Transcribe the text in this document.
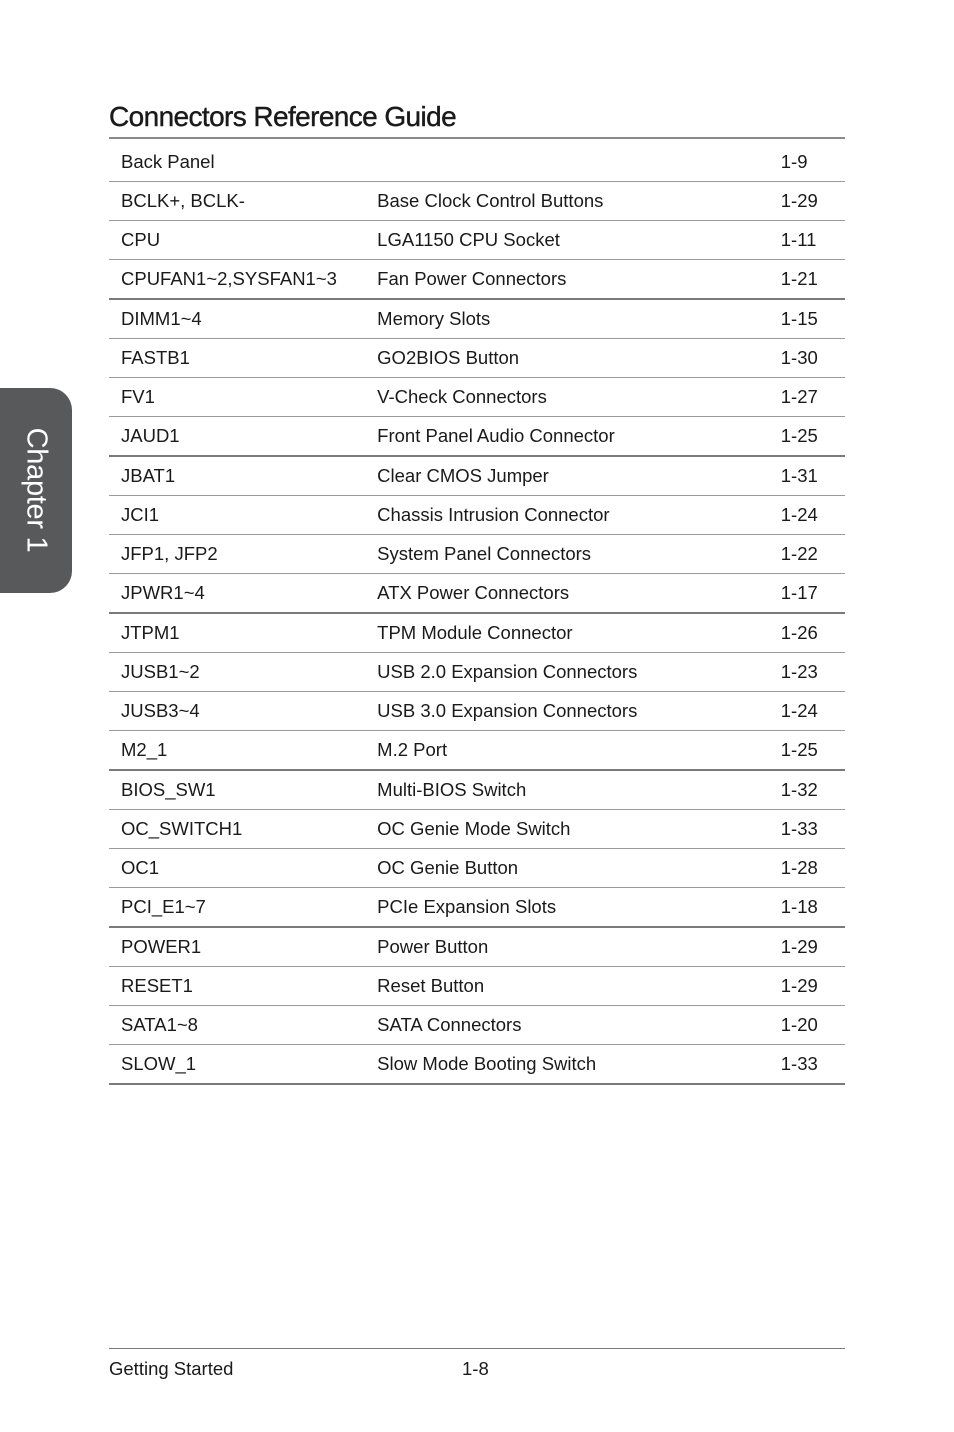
Connectors Reference Guide
Back Panel		1-9
BCLK+, BCLK-	Base Clock Control Buttons	1-29
CPU	LGA1150 CPU Socket	1-11
CPUFAN1~2,SYSFAN1~3	Fan Power Connectors	1-21
DIMM1~4	Memory Slots	1-15
FASTB1	GO2BIOS Button	1-30
FV1	V-Check Connectors	1-27
JAUD1	Front Panel Audio Connector	1-25
JBAT1	Clear CMOS Jumper	1-31
JCI1	Chassis Intrusion Connector	1-24
JFP1, JFP2	System Panel Connectors	1-22
JPWR1~4	ATX Power Connectors	1-17
JTPM1	TPM Module Connector	1-26
JUSB1~2	USB 2.0 Expansion Connectors	1-23
JUSB3~4	USB 3.0 Expansion Connectors	1-24
M2_1	M.2 Port	1-25
BIOS_SW1	Multi-BIOS Switch	1-32
OC_SWITCH1	OC Genie Mode Switch	1-33
OC1	OC Genie Button	1-28
PCI_E1~7	PCIe Expansion Slots	1-18
POWER1	Power Button	1-29
RESET1	Reset Button	1-29
SATA1~8	SATA Connectors	1-20
SLOW_1	Slow Mode Booting Switch	1-33
Chapter 1
Getting Started	1-8
